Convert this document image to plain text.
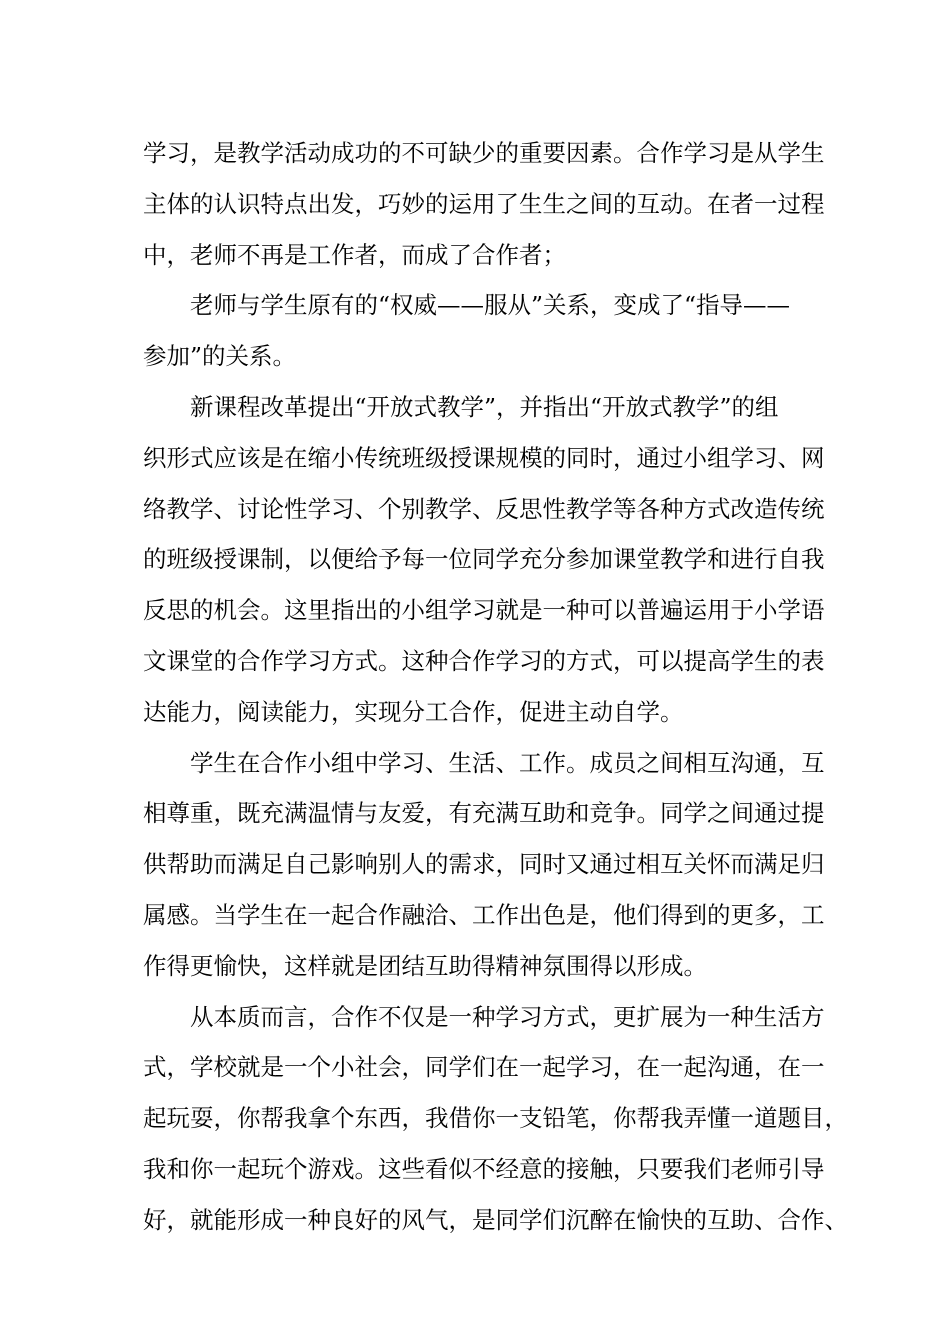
学习，是教学活动成功的不可缺少的重要因素。合作学习是从学生
主体的认识特点出发，巧妙的运用了生生之间的互动。在者一过程
中，老师不再是工作者，而成了合作者；
老师与学生原有的“权威——服从”关系，变成了“指导——
参加”的关系。
新课程改革提出“开放式教学”，并指出“开放式教学”的组
织形式应该是在缩小传统班级授课规模的同时，通过小组学习、网
络教学、讨论性学习、个别教学、反思性教学等各种方式改造传统
的班级授课制，以便给予每一位同学充分参加课堂教学和进行自我
反思的机会。这里指出的小组学习就是一种可以普遍运用于小学语
文课堂的合作学习方式。这种合作学习的方式，可以提高学生的表
达能力，阅读能力，实现分工合作，促进主动自学。
学生在合作小组中学习、生活、工作。成员之间相互沟通，互
相尊重，既充满温情与友爱，有充满互助和竞争。同学之间通过提
供帮助而满足自己影响别人的需求，同时又通过相互关怀而满足归
属感。当学生在一起合作融洽、工作出色是，他们得到的更多，工
作得更愉快，这样就是团结互助得精神氛围得以形成。
从本质而言，合作不仅是一种学习方式，更扩展为一种生活方
式，学校就是一个小社会，同学们在一起学习，在一起沟通，在一
起玩耍，你帮我拿个东西，我借你一支铅笔，你帮我弄懂一道题目，
我和你一起玩个游戏。这些看似不经意的接触，只要我们老师引导
好，就能形成一种良好的风气，是同学们沉醉在愉快的互助、合作、
